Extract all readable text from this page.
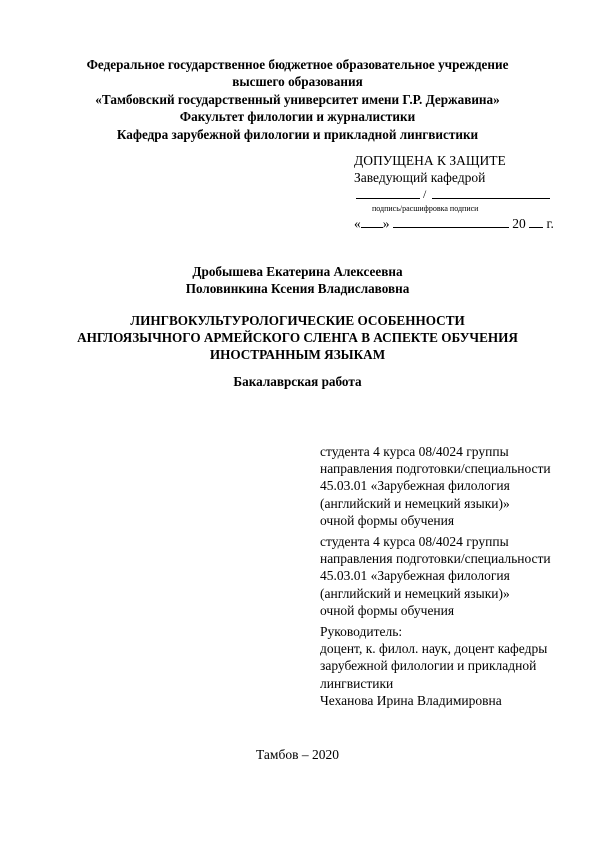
Федеральное государственное бюджетное образовательное учреждение
высшего образования
«Тамбовский государственный университет имени Г.Р. Державина»
Факультет филологии и журналистики
Кафедра зарубежной филологии и прикладной лингвистики
ДОПУЩЕНА К ЗАЩИТЕ
Заведующий кафедрой
/
подпись/расшифровка подписи
« »	20 г.
Дробышева Екатерина Алексеевна
Половинкина Ксения Владиславовна
ЛИНГВОКУЛЬТУРОЛОГИЧЕСКИЕ ОСОБЕННОСТИ
АНГЛОЯЗЫЧНОГО АРМЕЙСКОГО СЛЕНГА В АСПЕКТЕ ОБУЧЕНИЯ
ИНОСТРАННЫМ ЯЗЫКАМ
Бакалаврская работа
студента 4 курса 08/4024 группы
направления подготовки/специальности
45.03.01 «Зарубежная филология
(английский и немецкий языки)»
очной формы обучения
студента 4 курса 08/4024 группы
направления подготовки/специальности
45.03.01 «Зарубежная филология
(английский и немецкий языки)»
очной формы обучения
Руководитель:
доцент, к. филол. наук, доцент кафедры
зарубежной филологии и прикладной
лингвистики
Чеханова Ирина Владимировна
Тамбов – 2020
